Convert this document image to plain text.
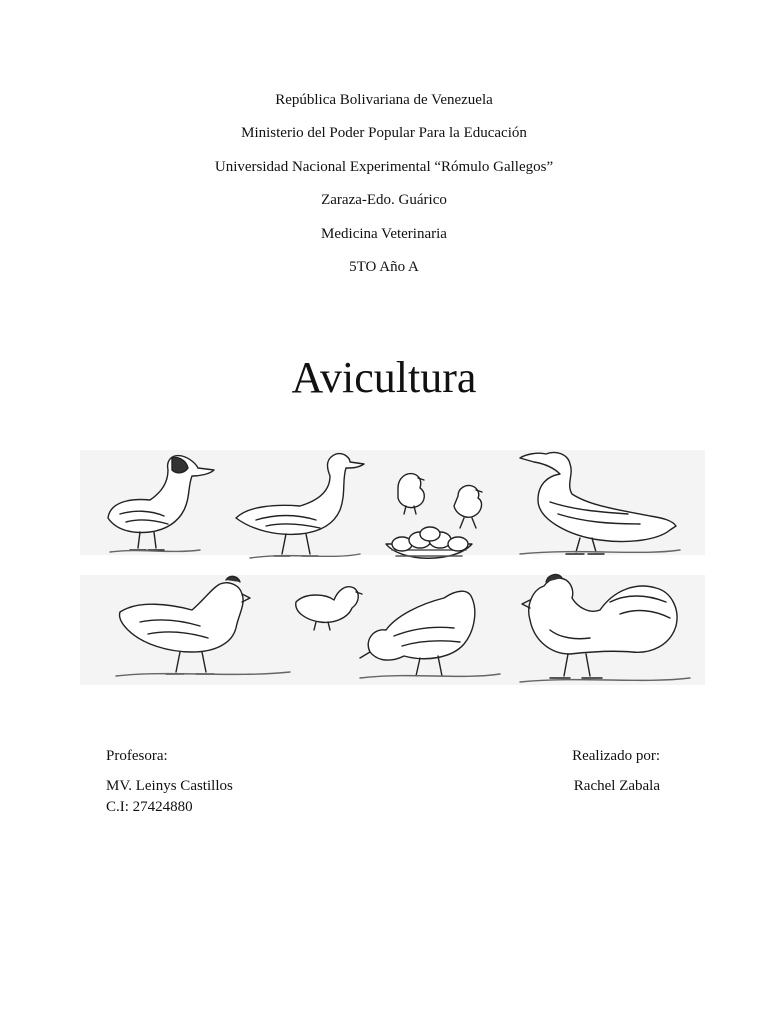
República Bolivariana de Venezuela
Ministerio del Poder Popular Para la Educación
Universidad Nacional Experimental “Rómulo Gallegos”
Zaraza-Edo. Guárico
Medicina Veterinaria
5TO Año A
Avicultura
Profesora:
MV. Leinys Castillos
C.I: 27424880
Realizado por:
Rachel Zabala
